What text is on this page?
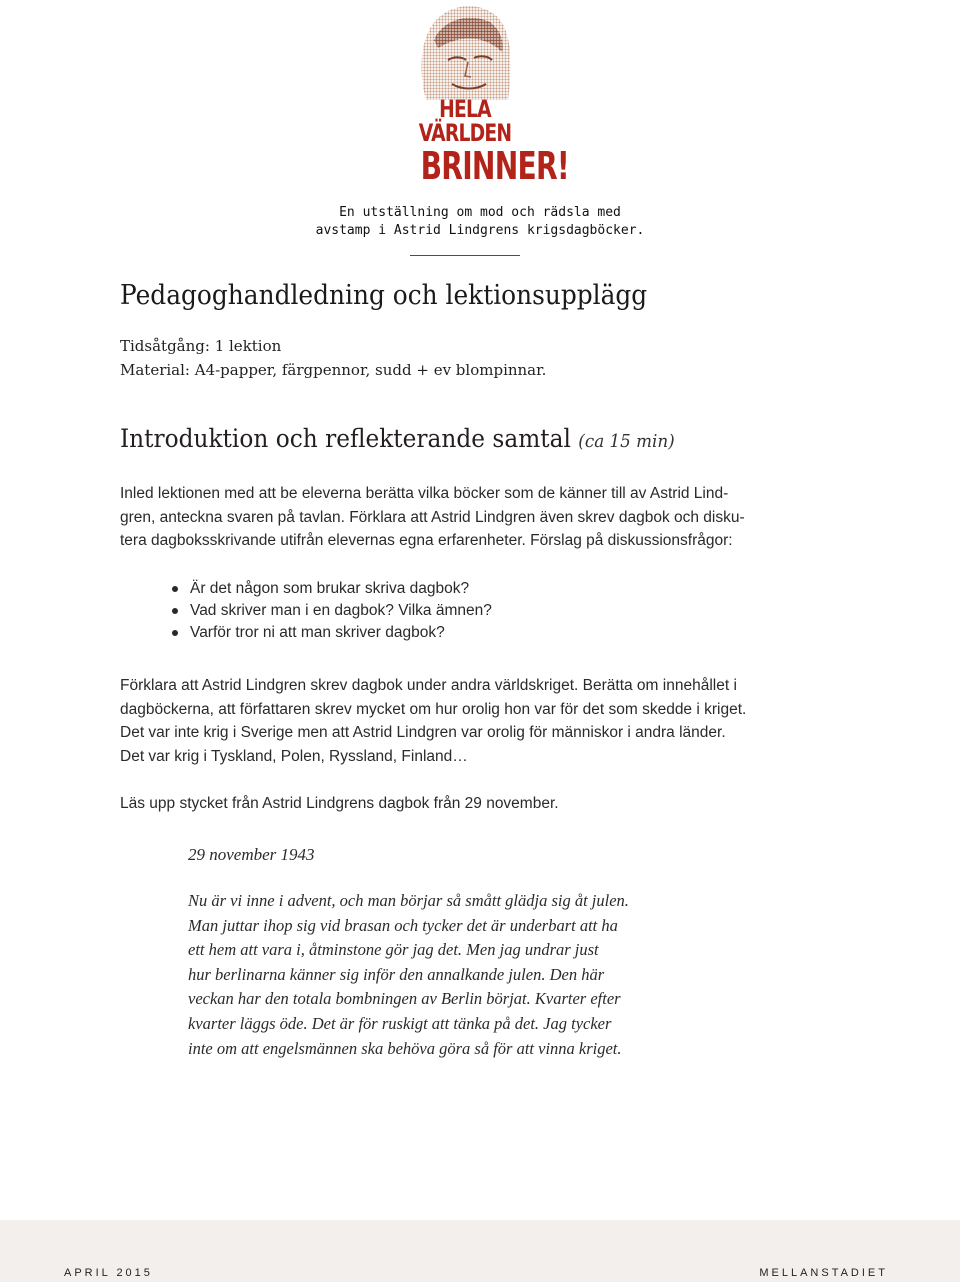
HELA VÄRLDEN
BRINNER!
En utställning om mod och rädsla med
avstamp i Astrid Lindgrens krigsdagböcker.
Pedagoghandledning och lektionsupplägg
Tidsåtgång: 1 lektion
Material: A4-papper, färgpennor, sudd + ev blompinnar.
Introduktion och reflekterande samtal (ca 15 min)
Inled lektionen med att be eleverna berätta vilka böcker som de känner till av Astrid Lind-
gren, anteckna svaren på tavlan. Förklara att Astrid Lindgren även skrev dagbok och disku-
tera dagboksskrivande utifrån elevernas egna erfarenheter. Förslag på diskussionsfrågor:
Är det någon som brukar skriva dagbok?
Vad skriver man i en dagbok? Vilka ämnen?
Varför tror ni att man skriver dagbok?
Förklara att Astrid Lindgren skrev dagbok under andra världskriget. Berätta om innehållet i
dagböckerna, att författaren skrev mycket om hur orolig hon var för det som skedde i kriget.
Det var inte krig i Sverige men att Astrid Lindgren var orolig för människor i andra länder.
Det var krig i Tyskland, Polen, Ryssland, Finland…
Läs upp stycket från Astrid Lindgrens dagbok från 29 november.
29 november 1943
Nu är vi inne i advent, och man börjar så smått glädja sig åt julen.
Man juttar ihop sig vid brasan och tycker det är underbart att ha
ett hem att vara i, åtminstone gör jag det. Men jag undrar just
hur berlinarna känner sig inför den annalkande julen. Den här
veckan har den totala bombningen av Berlin börjat. Kvarter efter
kvarter läggs öde. Det är för ruskigt att tänka på det. Jag tycker
inte om att engelsmännen ska behöva göra så för att vinna kriget.
APRIL 2015	MELLANSTADIET
